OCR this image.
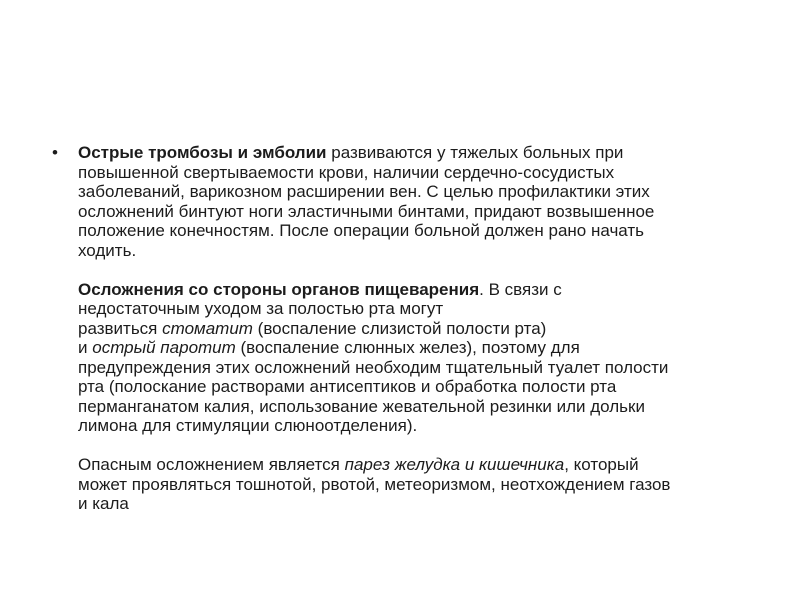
•	Острые тромбозы и эмболии развиваются у тяжелых больных при
повышенной свертываемости крови, наличии сердечно-сосудистых
заболеваний, варикозном расширении вен. С целью профилактики этих
осложнений бинтуют ноги эластичными бинтами, придают возвышенное
положение конечностям. После операции больной должен рано начать
ходить.
Осложнения со стороны органов пищеварения. В связи с
недостаточным уходом за полостью рта могут
развиться стоматит (воспаление слизистой полости рта)
и острый паротит (воспаление слюнных желез), поэтому для
предупреждения этих осложнений необходим тщательный туалет полости
рта (полоскание растворами антисептиков и обработка полости рта
перманганатом калия, использование жевательной резинки или дольки
лимона для стимуляции слюноотделения).
Опасным осложнением является парез желудка и кишечника, который
может проявляться тошнотой, рвотой, метеоризмом, неотхождением газов
и кала
